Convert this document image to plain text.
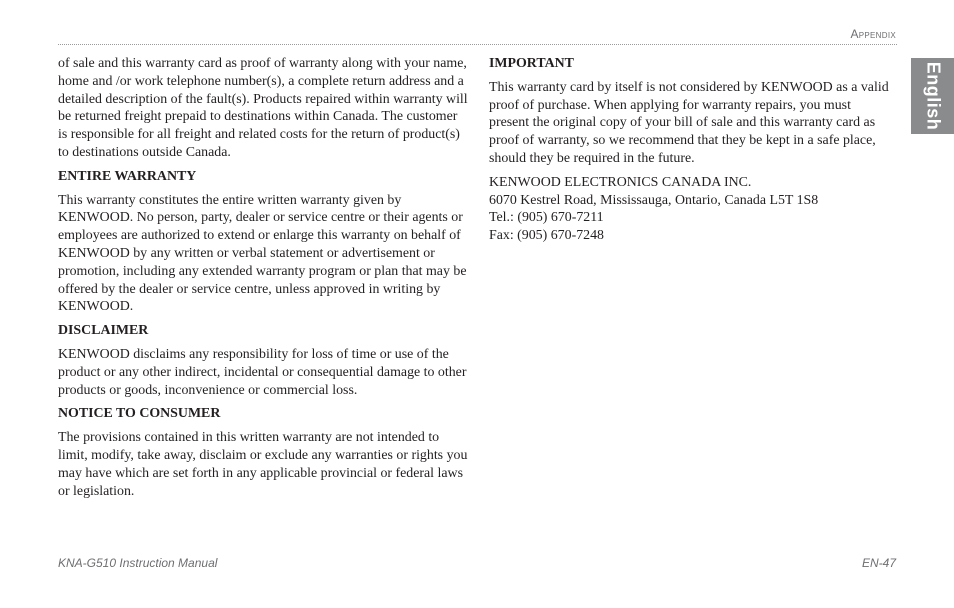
Appendix
English

of sale and this warranty card as proof of warranty along with your name, home and /or work telephone number(s), a complete return address and a detailed description of the fault(s). Products repaired within warranty will be returned freight prepaid to destinations within Canada. The customer is responsible for all freight and related costs for the return of product(s) to destinations outside Canada.

ENTIRE WARRANTY

This warranty constitutes the entire written warranty given by KENWOOD. No person, party, dealer or service centre or their agents or employees are authorized to extend or enlarge this warranty on behalf of KENWOOD by any written or verbal statement or advertisement or promotion, including any extended warranty program or plan that may be offered by the dealer or service centre, unless approved in writing by KENWOOD.

DISCLAIMER

KENWOOD disclaims any responsibility for loss of time or use of the product or any other indirect, incidental or consequential damage to other products or goods, inconvenience or commercial loss.

NOTICE TO CONSUMER

The provisions contained in this written warranty are not intended to limit, modify, take away, disclaim or exclude any warranties or rights you may have which are set forth in any applicable provincial or federal laws or legislation.

IMPORTANT

This warranty card by itself is not considered by KENWOOD as a valid proof of purchase. When applying for warranty repairs, you must present the original copy of your bill of sale and this warranty card as proof of warranty, so we recommend that they be kept in a safe place, should they be required in the future.

KENWOOD ELECTRONICS CANADA INC.
6070 Kestrel Road, Mississauga, Ontario, Canada L5T 1S8
Tel.: (905) 670-7211
Fax: (905) 670-7248

KNA-G510 Instruction Manual	EN-47
